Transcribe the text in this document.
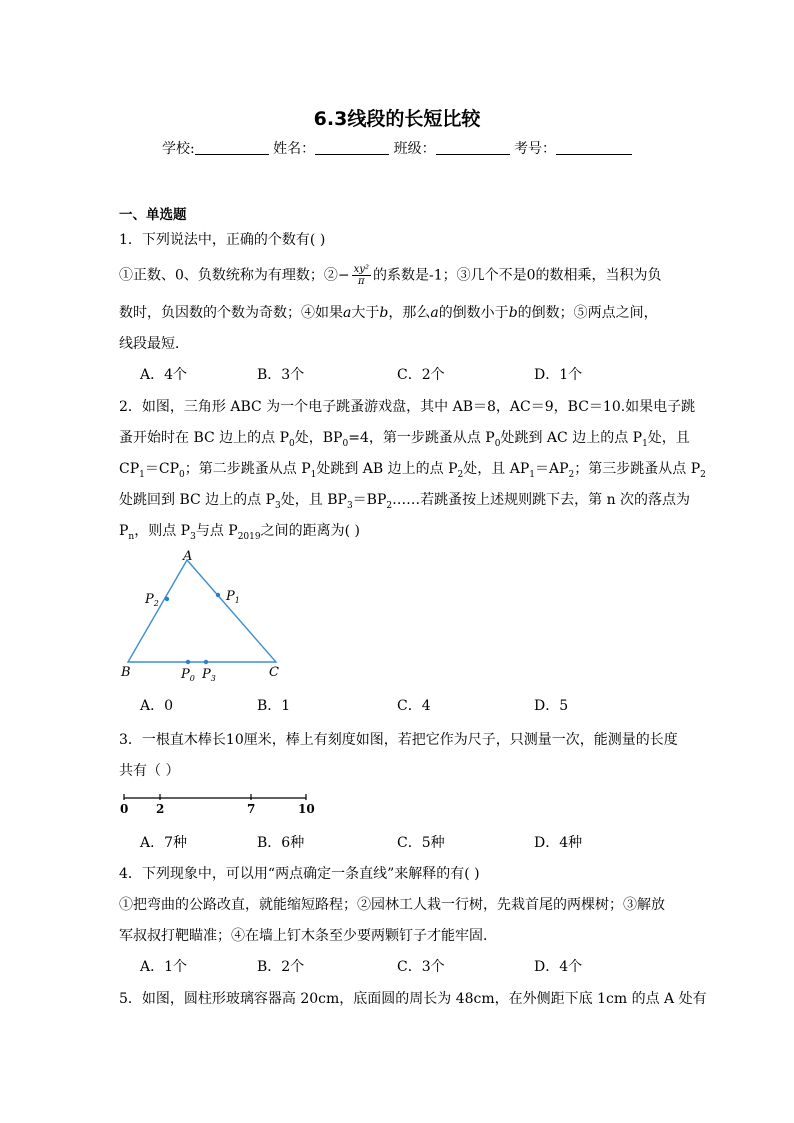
6.3线段的长短比较
学校:	姓名：	班级：	考号：
一、单选题
1．下列说法中，正确的个数有( )
①正数、0、负数统称为有理数；②− $\frac{\text{xy²}}{\pi}$ 的系数是-1；③几个不是0的数相乘，当积为负
数时，负因数的个数为奇数；④如果a大于b，那么a的倒数小于b的倒数；⑤两点之间，
线段最短．
A．4个	B．3个	C．2个	D．1个
2．如图，三角形 ABC 为一个电子跳蚤游戏盘，其中 AB＝8，AC＝9，BC＝10.如果电子跳
蚤开始时在 BC 边上的点 $P_0$处，$BP_0=4$，第一步跳蚤从点 $P_0$处跳到 AC 边上的点 $P_1$处，且
$CP_1=CP_0$；第二步跳蚤从点 $P_1$处跳到 AB 边上的点 $P_2$处，且 $AP_1=AP_2$；第三步跳蚤从点 $P_2$
处跳回到 BC 边上的点 $P_3$处，且 $BP_3=BP_2\dots\dots$若跳蚤按上述规则跳下去，第 n 次的落点为
$P_n$，则点 $P_3$与点 $P_{2019}$之间的距离为( )
A
B	C
$P_2$	$P_1$
$P_0$ $P_3$
A．0	B．1	C．4	D．5
3．一根直木棒长10厘米，棒上有刻度如图，若把它作为尺子，只测量一次，能测量的长度
共有（ ）
0 2	7	10
A．7种	B．6种	C．5种	D．4种
4．下列现象中，可以用“两点确定一条直线”来解释的有( )
①把弯曲的公路改直，就能缩短路程；②园林工人栽一行树，先栽首尾的两棵树；③解放
军叔叔打靶瞄准；④在墙上钉木条至少要两颗钉子才能牢固．
A．1个	B．2个	C．3个	D．4个
5．如图，圆柱形玻璃容器高 20cm，底面圆的周长为 48cm，在外侧距下底 1cm 的点 A 处有
